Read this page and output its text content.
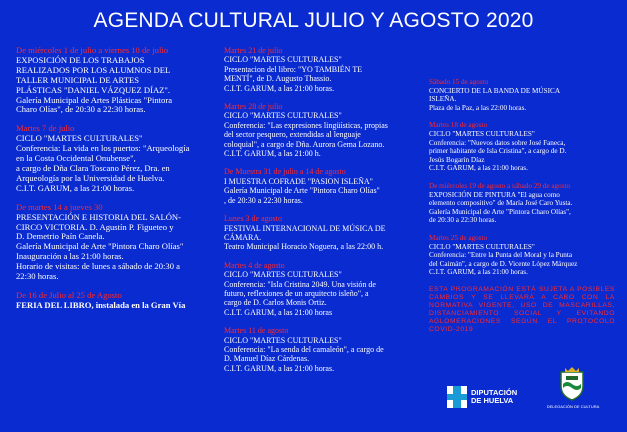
AGENDA CULTURAL JULIO Y AGOSTO 2020
De miércoles 1 de julio a viernes 10 de julio
EXPOSICIÓN DE LOS TRABAJOS
REALIZADOS POR LOS ALUMNOS DEL
TALLER MUNICIPAL DE ARTES
PLÁSTICAS "DANIEL VÁZQUEZ DÍAZ".
Galería Municipal de Artes Plásticas "Pintora
Charo Olías", de 20:30 a 22:30 horas.
Martes 7 de julio
CICLO "MARTES CULTURALES"
Conferencia: La vida en los puertos: "Arqueología
en la Costa Occidental Onubense",
a cargo de Dña Clara Toscano Pérez, Dra. en
Arqueología por la Universidad de Huelva.
C.I.T. GARUM, a las 21:00 horas.
De martes 14 a jueves 30
PRESENTACIÓN E HISTORIA DEL SALÓN-
CIRCO VICTORIA. D. Agustín P. Figueteo y
D. Demetrio Paín Canela.
Galería Municipal de Arte "Pintora Charo Olías"
Inauguración a las 21:00 horas.
Horario de visitas: de lunes a sábado de 20:30 a
22:30 horas.
De 16 de Julio al 25 de Agosto
FERIA DEL LIBRO, instalada en la Gran Vía
Martes 21 de julio
CICLO "MARTES CULTURALES"
Presentacion del libro: "YO TAMBIÉN TE
MENTÍ", de D. Augusto Thassio.
C.I.T. GARUM, a las 21:00 horas.
Martes 28 de julio
CICLO "MARTES CULTURALES"
Conferencia: "Las expresiones lingüísticas, propias
del sector pesquero, extendidas al lenguaje
coloquial", a cargo de Dña. Aurora Gema Lozano.
C.I.T. GARUM, a las 21:00 h.
De Muestra 31 de julio a 14 de agosto
I MUESTRA COFRADE "PASION ISLEÑA"
Galería Municipal de Arte "Pintora Charo Olías"
, de 20:30 a 22:30 horas.
Lunes 3 de agosto
FESTIVAL INTERNACIONAL DE MÚSICA DE
CÁMARA.
Teatro Municipal Horacio Noguera, a las 22:00 h.
Martes 4 de agosto
CICLO "MARTES CULTURALES"
Conferencia: "Isla Cristina 2049. Una visión de
futuro, reflexiones de un arquitecto isleño", a
cargo de D. Carlos Monis Ortiz.
C.I.T. GARUM, a las 21:00 horas
Martes 11 de agosto
CICLO "MARTES CULTURALES"
Conferencia: "La senda del camaleón", a cargo de
D. Manuel Díaz Cárdenas.
C.I.T. GARUM, a las 21:00 horas.
Sábado 15 de agosto
CONCIERTO DE LA BANDA DE MÚSICA
ISLEÑA.
Plaza de la Paz, a las 22:00 horas.
Martes 18 de agosto
CICLO "MARTES CULTURALES"
Conferencia: "Nuevos datos sobre José Faneca,
primer habitante de Isla Cristina", a cargo de D.
Jesús Bogarín Díaz
C.I.T. GARUM, a las 21:00 horas.
De miércoles 19 de agosto a sábado 29 de agosto
EXPOSICIÓN DE PINTURA "El agua como
elemento compositivo" de María José Caro Yusta.
Galería Municipal de Arte "Pintora Charo Olías",
de 20:30 a 22:30 horas.
Martes 25 de agosto
CICLO "MARTES CULTURALES"
Conferencia: "Entre la Punta del Moral y la Punta
del Caimán", a cargo de D. Vicente López Márquez
C.I.T. GARUM, a las 21:00 horas.
ESTA PROGRAMACIÓN ESTÁ SUJETA A POSIBLES CAMBIOS Y SE LLEVARÁ A CABO CON LA NORMATIVA VIGENTE, USO DE MASCARILLAS, DISTANCIAMIENTO SOCIAL Y EVITANDO AGLOMERACIONES SEGÚN EL PROTOCOLO COVID-2019
DIPUTACIÓN
DE HUELVA
DELEGACIÓN DE CULTURA
